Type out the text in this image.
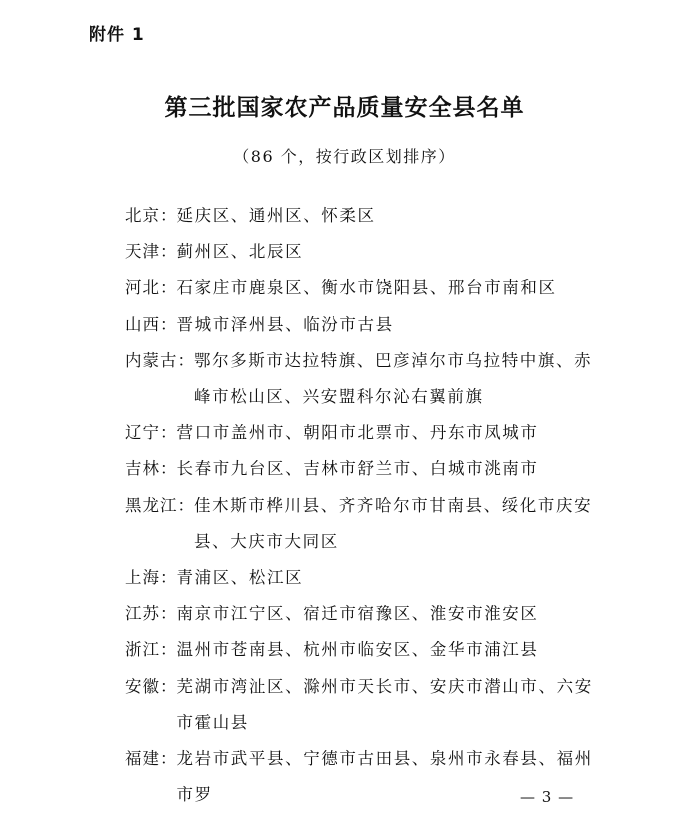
附件 1
第三批国家农产品质量安全县名单
（86 个，按行政区划排序）
北京 ： 延庆区、通州区、怀柔区
天津 ： 蓟州区、北辰区
河北 ： 石家庄市鹿泉区、衡水市饶阳县、邢台市南和区
山西 ： 晋城市泽州县、临汾市古县
内蒙古 ： 鄂尔多斯市达拉特旗、巴彦淖尔市乌拉特中旗、赤峰市松山区、兴安盟科尔沁右翼前旗
辽宁 ： 营口市盖州市、朝阳市北票市、丹东市凤城市
吉林 ： 长春市九台区、吉林市舒兰市、白城市洮南市
黑龙江 ： 佳木斯市桦川县、齐齐哈尔市甘南县、绥化市庆安县、大庆市大同区
上海 ： 青浦区、松江区
江苏 ： 南京市江宁区、宿迁市宿豫区、淮安市淮安区
浙江 ： 温州市苍南县、杭州市临安区、金华市浦江县
安徽 ： 芜湖市湾沚区、滁州市天长市、安庆市潜山市、六安市霍山县
福建 ： 龙岩市武平县、宁德市古田县、泉州市永春县、福州市罗	— 3 —
